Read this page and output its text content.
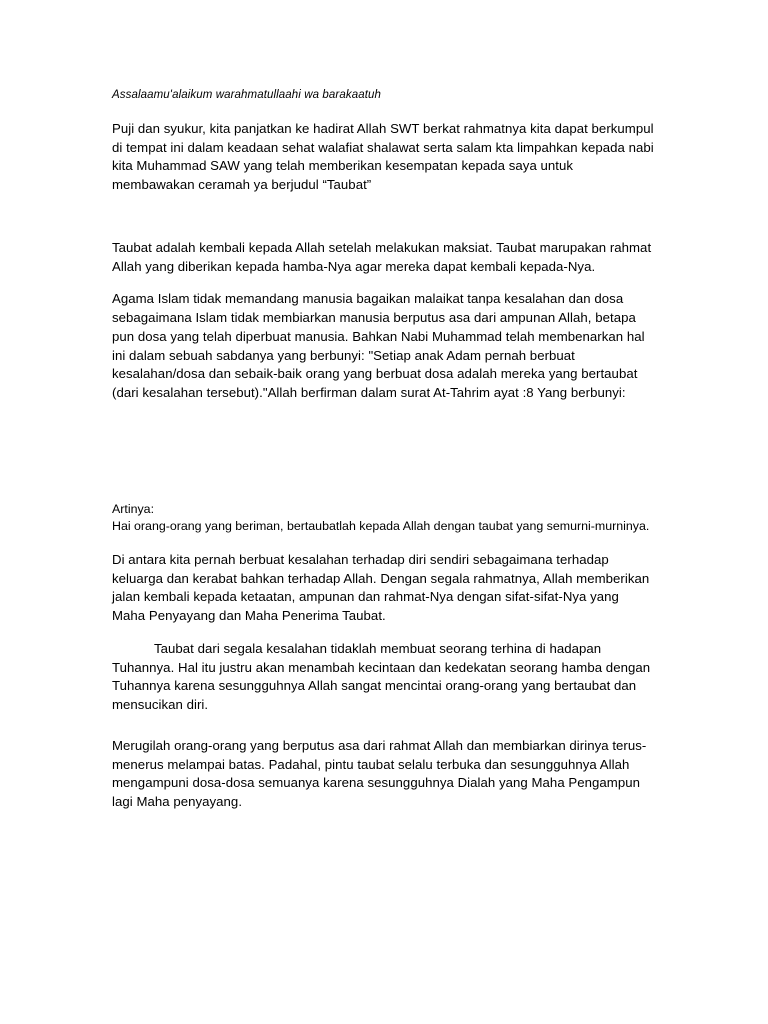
Assalaamu'alaikum warahmatullaahi wa barakaatuh

Puji dan syukur, kita panjatkan ke hadirat Allah SWT berkat rahmatnya kita dapat berkumpul di tempat ini dalam keadaan sehat walafiat shalawat serta salam kta limpahkan kepada nabi kita Muhammad SAW yang telah memberikan kesempatan kepada saya untuk membawakan ceramah ya berjudul “Taubat”

Taubat adalah kembali kepada Allah setelah melakukan maksiat. Taubat marupakan rahmat Allah yang diberikan kepada hamba-Nya agar mereka dapat kembali kepada-Nya.

Agama Islam tidak memandang manusia bagaikan malaikat tanpa kesalahan dan dosa sebagaimana Islam tidak membiarkan manusia berputus asa dari ampunan Allah, betapa pun dosa yang telah diperbuat manusia. Bahkan Nabi Muhammad telah membenarkan hal ini dalam sebuah sabdanya yang berbunyi: "Setiap anak Adam pernah berbuat kesalahan/dosa dan sebaik-baik orang yang berbuat dosa adalah mereka yang bertaubat (dari kesalahan tersebut)."Allah berfirman dalam surat At-Tahrim ayat :8 Yang berbunyi:

Artinya:
Hai orang-orang yang beriman, bertaubatlah kepada Allah dengan taubat yang semurni-murninya.

Di antara kita pernah berbuat kesalahan terhadap diri sendiri sebagaimana terhadap keluarga dan kerabat bahkan terhadap Allah. Dengan segala rahmatnya, Allah memberikan jalan kembali kepada ketaatan, ampunan dan rahmat-Nya dengan sifat-sifat-Nya yang Maha Penyayang dan Maha Penerima Taubat.

Taubat dari segala kesalahan tidaklah membuat seorang terhina di hadapan Tuhannya. Hal itu justru akan menambah kecintaan dan kedekatan seorang hamba dengan Tuhannya karena sesungguhnya Allah sangat mencintai orang-orang yang bertaubat dan mensucikan diri.

Merugilah orang-orang yang berputus asa dari rahmat Allah dan membiarkan dirinya terus-menerus melampai batas. Padahal, pintu taubat selalu terbuka dan sesungguhnya Allah mengampuni dosa-dosa semuanya karena sesungguhnya Dialah yang Maha Pengampun lagi Maha penyayang.
